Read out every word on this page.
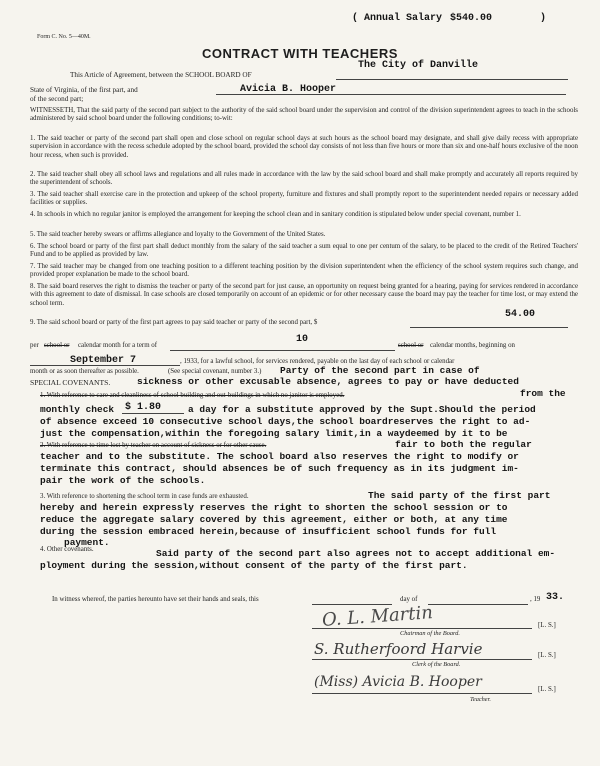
( Annual Salary $540.00	)
Form C. No. 5—40M.
CONTRACT WITH TEACHERS
The City of Danville
This Article of Agreement, between the SCHOOL BOARD OF
State of Virginia, of the first part, and	Avicia B. Hooper
of the second part;

WITNESSETH, That the said party of the second part subject to the authority of the said school board under the supervision and control of the division superintendent agrees to teach in the schools administered by said school board under the following conditions; to-wit:

1. The said teacher or party of the second part shall open and close school on regular school days at such hours as the school board may designate, and shall give daily recess with appropriate supervision in accordance with the recess schedule adopted by the school board, provided the school day consists of not less than five hours or more than six and one-half hours exclusive of the noon hour recess, when such is provided.

2. The said teacher shall obey all school laws and regulations and all rules made in accordance with the law by the said school board and shall make promptly and accurately all reports required by the superintendent of schools.

3. The said teacher shall exercise care in the protection and upkeep of the school property, furniture and fixtures and shall promptly report to the superintendent needed repairs or necessary added facilities or supplies.

4. In schools in which no regular janitor is employed the arrangement for keeping the school clean and in sanitary condition is stipulated below under special covenant, number 1.

5. The said teacher hereby swears or affirms allegiance and loyalty to the Government of the United States.

6. The school board or party of the first part shall deduct monthly from the salary of the said teacher a sum equal to one per centum of the salary, to be placed to the credit of the Retired Teachers' Fund and to be applied as provided by law.

7. The said teacher may be changed from one teaching position to a different teaching position by the division superintendent when the efficiency of the school system requires such change, and provided proper explanation be made to the school board.

8. The said board reserves the right to dismiss the teacher or party of the second part for just cause, an opportunity on request being granted for a hearing, paying for services rendered in accordance with this agreement to date of dismissal. In case schools are closed temporarily on account of an epidemic or for other necessary cause the board may pay the teacher for time lost, or may extend the school term.

9. The said school board or party of the first part agrees to pay said teacher or party of the second part, $
54.00
per school or calendar month for a term of
10
school or calendar months, beginning on
September 7	, 1933, for a lawful school, for services rendered, payable on the last day of each school or calendar
month or as soon thereafter as possible.	(See special covenant, number 3.) Party of the second part in case of
SPECIAL COVENANTS.	sickness or other excusable absence, agrees to pay or have deducted
from the
1. With reference to care and cleanliness of school building and out-buildings in which no janitor is employed.
monthly check $ 1.80	a day for a substitute approved by the Supt.Should the period
of absence exceed 10 consecutive school days,the school boardreserves the right to ad-
just the compensation,within the foregoing salary limit,in a waydeemed by it to be
2. With reference to time lost by teacher on account of sickness or for other cause.	fair to both the regular
teacher and to the substitute. The school board also reserves the right to modify or
terminate this contract, should absences be of such frequency as in its judgment im-
pair the work of the schools.
3. With reference to shortening the school term in case funds are exhausted.	The said party of the first part
hereby and herein expressly reserves the right to shorten the school session or to
reduce the aggregate salary covered by this agreement, either or both, at any time
during the session embraced herein,because of insufficient school funds for full
payment.
4. Other covenants.	Said party of the second part also agrees not to accept additional em-
ployment during the session,without consent of the party of the first part.
In witness whereof, the parties hereunto have set their hands and seals, this	day of	, 19 33.
O. L. Martin	[L. S.]
Chairman of the Board.
S. Rutherfoord Harvie	[L. S.]
Clerk of the Board.
(Miss) Avicia B. Hooper	[L. S.]
Teacher.
